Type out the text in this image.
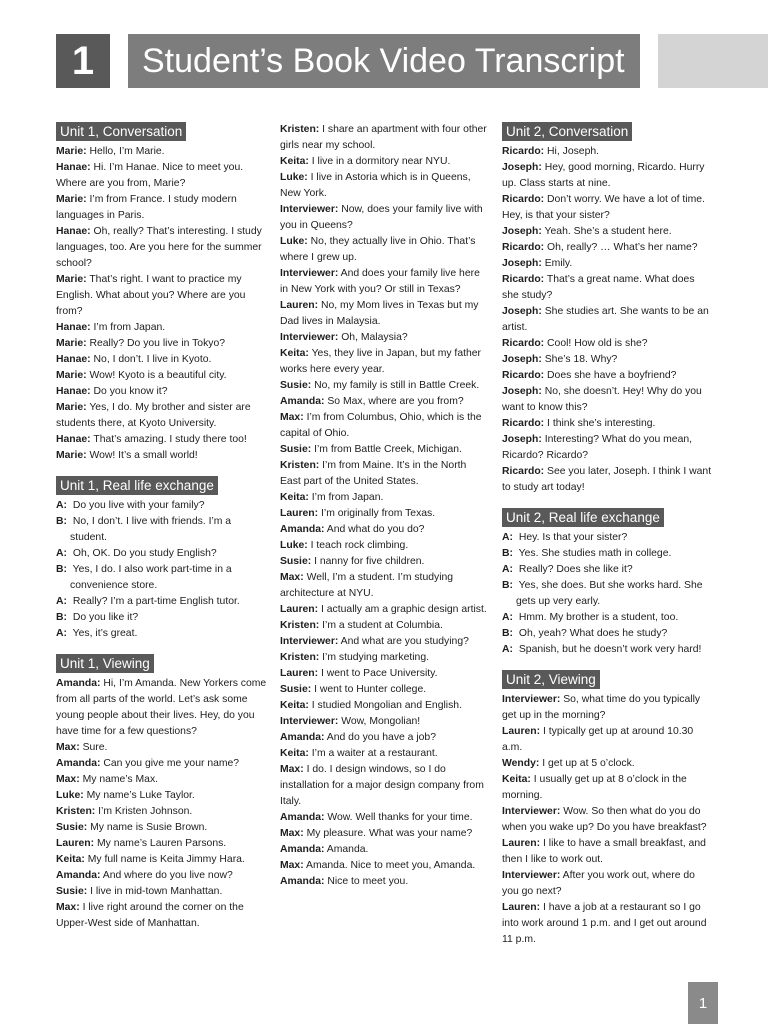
1	Student’s Book Video Transcript
Unit 1, Conversation

Marie: Hello, I’m Marie.

Hanae: Hi. I’m Hanae. Nice to meet you. Where are you from, Marie?

Marie: I’m from France. I study modern languages in Paris.

Hanae: Oh, really? That’s interesting. I study languages, too. Are you here for the summer school?

Marie: That’s right. I want to practice my English. What about you? Where are you from?

Hanae: I’m from Japan.

Marie: Really? Do you live in Tokyo?

Hanae: No, I don’t. I live in Kyoto.

Marie: Wow! Kyoto is a beautiful city.

Hanae: Do you know it?

Marie: Yes, I do. My brother and sister are students there, at Kyoto University.

Hanae: That’s amazing. I study there too!

Marie: Wow! It’s a small world!

Unit 1, Real life exchange

A: Do you live with your family?

B: No, I don’t. I live with friends. I’m a student.

A: Oh, OK. Do you study English?

B: Yes, I do. I also work part-time in a convenience store.

A: Really? I’m a part-time English tutor.

B: Do you like it?

A: Yes, it’s great.

Unit 1, Viewing

Amanda: Hi, I’m Amanda. New Yorkers come from all parts of the world. Let’s ask some young people about their lives. Hey, do you have time for a few questions?

Max: Sure.

Amanda: Can you give me your name?

Max: My name’s Max.

Luke: My name’s Luke Taylor.

Kristen: I’m Kristen Johnson.

Susie: My name is Susie Brown.

Lauren: My name’s Lauren Parsons.

Keita: My full name is Keita Jimmy Hara.

Amanda: And where do you live now?

Susie: I live in mid-town Manhattan.

Max: I live right around the corner on the Upper-West side of Manhattan.

Kristen: I share an apartment with four other girls near my school.

Keita: I live in a dormitory near NYU.

Luke: I live in Astoria which is in Queens, New York.

Interviewer: Now, does your family live with you in Queens?

Luke: No, they actually live in Ohio. That’s where I grew up.

Interviewer: And does your family live here in New York with you? Or still in Texas?

Lauren: No, my Mom lives in Texas but my Dad lives in Malaysia.

Interviewer: Oh, Malaysia?

Keita: Yes, they live in Japan, but my father works here every year.

Susie: No, my family is still in Battle Creek.

Amanda: So Max, where are you from?

Max: I’m from Columbus, Ohio, which is the capital of Ohio.

Susie: I’m from Battle Creek, Michigan.

Kristen: I’m from Maine. It’s in the North East part of the United States.

Keita: I’m from Japan.

Lauren: I’m originally from Texas.

Amanda: And what do you do?

Luke: I teach rock climbing.

Susie: I nanny for five children.

Max: Well, I’m a student. I’m studying architecture at NYU.

Lauren: I actually am a graphic design artist.

Kristen: I’m a student at Columbia.

Interviewer: And what are you studying?

Kristen: I’m studying marketing.

Lauren: I went to Pace University.

Susie: I went to Hunter college.

Keita: I studied Mongolian and English.

Interviewer: Wow, Mongolian!

Amanda: And do you have a job?

Keita: I’m a waiter at a restaurant.

Max: I do. I design windows, so I do installation for a major design company from Italy.

Amanda: Wow. Well thanks for your time.

Max: My pleasure. What was your name?

Amanda: Amanda.

Max: Amanda. Nice to meet you, Amanda.

Amanda: Nice to meet you.

Unit 2, Conversation

Ricardo: Hi, Joseph.

Joseph: Hey, good morning, Ricardo. Hurry up. Class starts at nine.

Ricardo: Don’t worry. We have a lot of time. Hey, is that your sister?

Joseph: Yeah. She’s a student here.

Ricardo: Oh, really? … What’s her name?

Joseph: Emily.

Ricardo: That’s a great name. What does she study?

Joseph: She studies art. She wants to be an artist.

Ricardo: Cool! How old is she?

Joseph: She’s 18. Why?

Ricardo: Does she have a boyfriend?

Joseph: No, she doesn’t. Hey! Why do you want to know this?

Ricardo: I think she’s interesting.

Joseph: Interesting? What do you mean, Ricardo? Ricardo?

Ricardo: See you later, Joseph. I think I want to study art today!

Unit 2, Real life exchange

A: Hey. Is that your sister?

B: Yes. She studies math in college.

A: Really? Does she like it?

B: Yes, she does. But she works hard. She gets up very early.

A: Hmm. My brother is a student, too.

B: Oh, yeah? What does he study?

A: Spanish, but he doesn’t work very hard!

Unit 2, Viewing

Interviewer: So, what time do you typically get up in the morning?

Lauren: I typically get up at around 10.30 a.m.

Wendy: I get up at 5 o’clock.

Keita: I usually get up at 8 o’clock in the morning.

Interviewer: Wow. So then what do you do when you wake up? Do you have breakfast?

Lauren: I like to have a small breakfast, and then I like to work out.

Interviewer: After you work out, where do you go next?

Lauren: I have a job at a restaurant so I go into work around 1 p.m. and I get out around 11 p.m.

1
